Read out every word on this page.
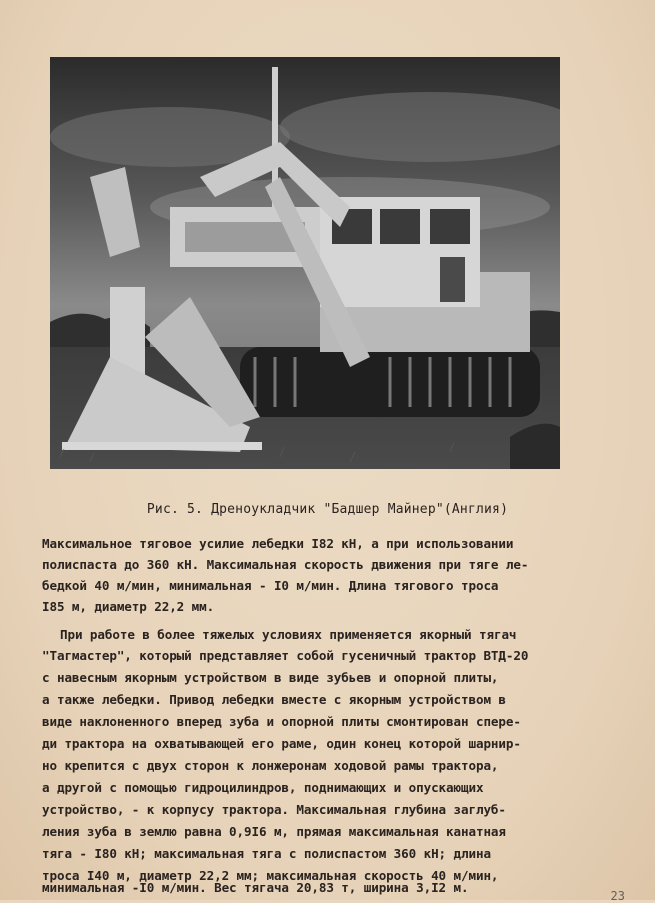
Рис. 5. Дреноукладчик "Бадшер Майнер"(Англия)
Максимальное тяговое усилие лебедки I82 кН, а при использовании
полиспаста до 360 кН. Максимальная скорость движения при тяге ле-
бедкой 40 м/мин, минимальная - I0 м/мин. Длина тягового троса
I85 м, диаметр 22,2 мм.
При работе в более тяжелых условиях применяется якорный тягач
"Тагмастер", который представляет собой гусеничный трактор ВТД-20
с навесным якорным устройством в виде зубьев и опорной плиты,
а также лебедки. Привод лебедки вместе с якорным устройством в
виде наклоненного вперед зуба и опорной плиты смонтирован спере-
ди трактора на охватывающей его раме, один конец которой шарнир-
но крепится с двух сторон к лонжеронам ходовой рамы трактора,
а другой с помощью гидроцилиндров, поднимающих и опускающих
устройство, - к корпусу трактора. Максимальная глубина заглуб-
ления зуба в землю равна 0,9I6 м, прямая максимальная канатная
тяга - I80 кН; максимальная тяга с полиспастом 360 кН; длина
троса I40 м, диаметр 22,2 мм; максимальная скорость 40 м/мин,
минимальная -I0 м/мин. Вес тягача 20,83 т, ширина 3,I2 м.
23
